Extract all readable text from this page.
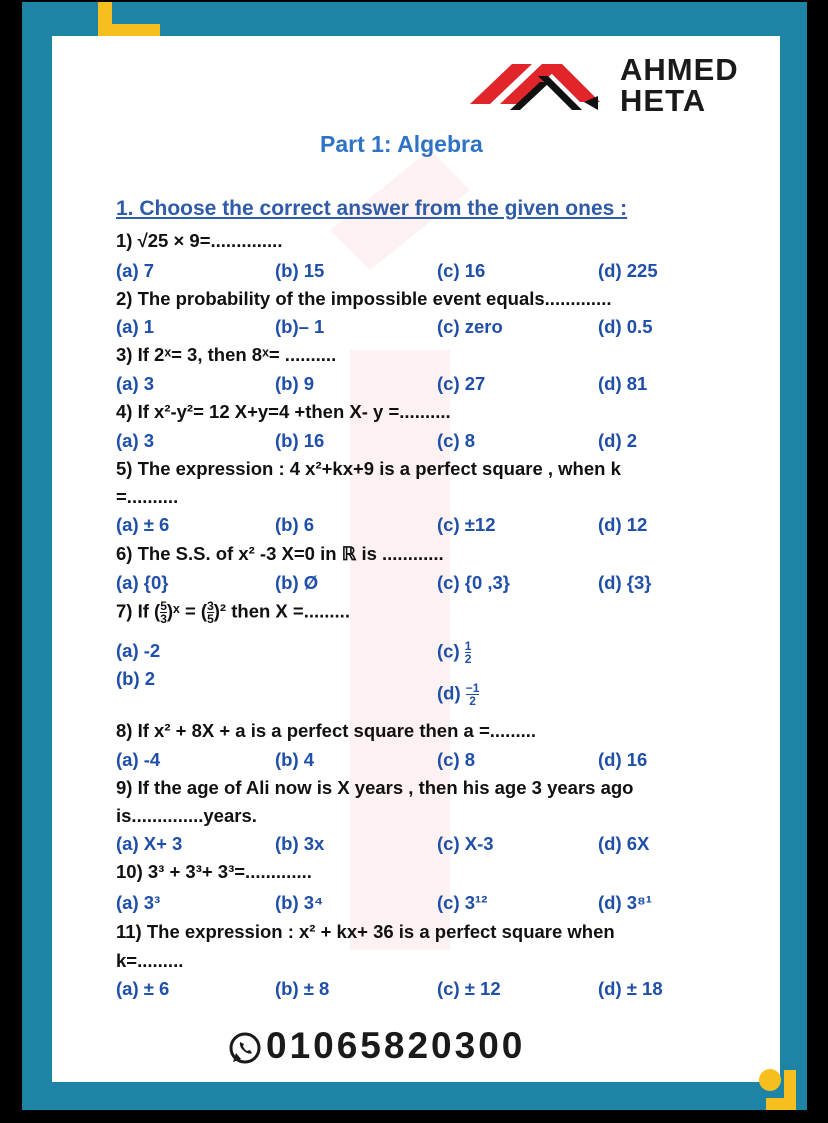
AHMED
HETA
Part 1: Algebra
1. Choose the correct answer from the given ones :
1) √25 × 9=..............
(a) 7	(b) 15	(c) 16	(d) 225
2) The probability of the impossible event equals.............
(a) 1	(b)– 1	(c) zero	(d) 0.5
3) If 2ˣ= 3, then 8ˣ= ..........
(a) 3	(b) 9	(c) 27	(d) 81
4) If x²-y²= 12 X+y=4 +then X- y =..........
(a) 3	(b) 16	(c) 8	(d) 2
5) The expression : 4 x²+kx+9 is a perfect square , when k
=..........
(a) ± 6	(b) 6	(c) ±12	(d) 12
6) The S.S. of x² -3 X=0 in ℝ is ............
(a) {0}	(b) Ø	(c) {0 ,3}	(d) {3}
7) If ( $\frac{5}{3}$ )ˣ = ( $\frac{3}{5} )^2$ then X =.........
(a) -2
(b) 2
$(c) \frac{1}{2}$
$(d) \frac{-1}{2}$
8) If x² + 8X + a is a perfect square then a =.........
(a) -4	(b) 4	(c) 8	(d) 16
9) If the age of Ali now is X years , then his age 3 years ago
is..............years.
(a) X+ 3	(b) 3x	(c) X-3	(d) 6X
10) 3³ + 3³+ 3³=.............
(a) 3³	(b) 3⁴	(c) 3¹²	(d) 3⁸¹
11) The expression : x² + kx+ 36 is a perfect square when
k=.........
(a) ± 6	(b) ± 8	(c) ± 12	(d) ± 18
01065820300
